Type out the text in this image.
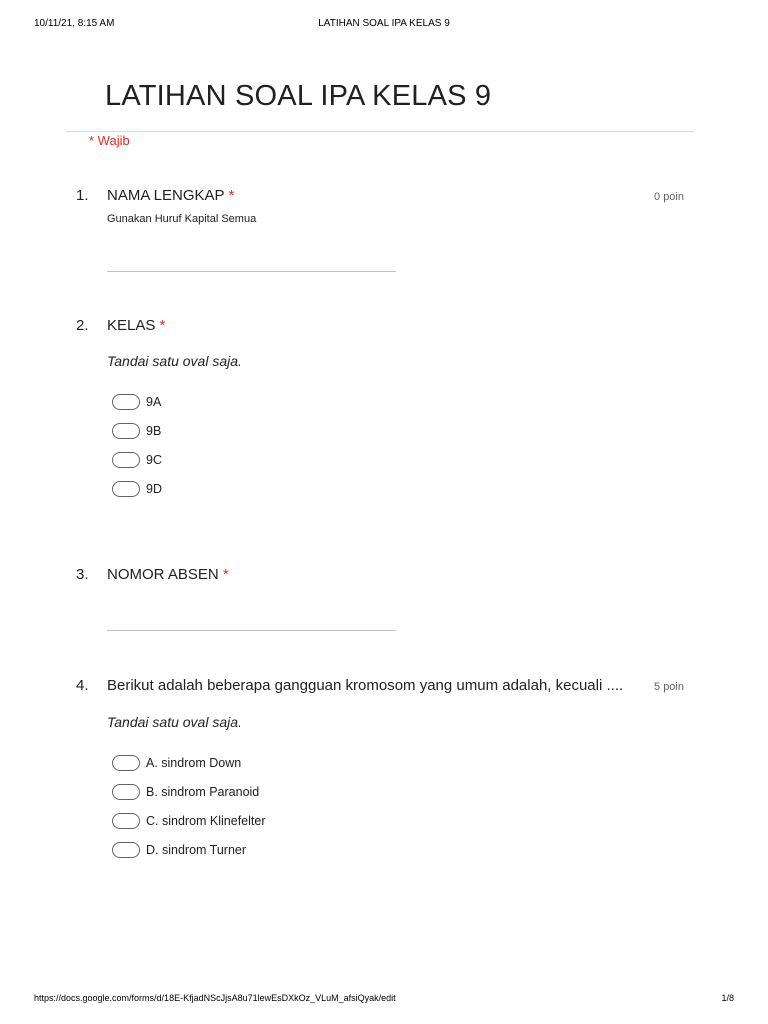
10/11/21, 8:15 AM	LATIHAN SOAL IPA KELAS 9
LATIHAN SOAL IPA KELAS 9
* Wajib
1. NAMA LENGKAP *	0 poin
Gunakan Huruf Kapital Semua
2. KELAS *
Tandai satu oval saja.
9A
9B
9C
9D
3. NOMOR ABSEN *
4. Berikut adalah beberapa gangguan kromosom yang umum adalah, kecuali ....	5 poin
Tandai satu oval saja.
A. sindrom Down
B. sindrom Paranoid
C. sindrom Klinefelter
D. sindrom Turner
https://docs.google.com/forms/d/18E-KfjadNScJjsA8u71lewEsDXkOz_VLuM_afsiQyak/edit	1/8
